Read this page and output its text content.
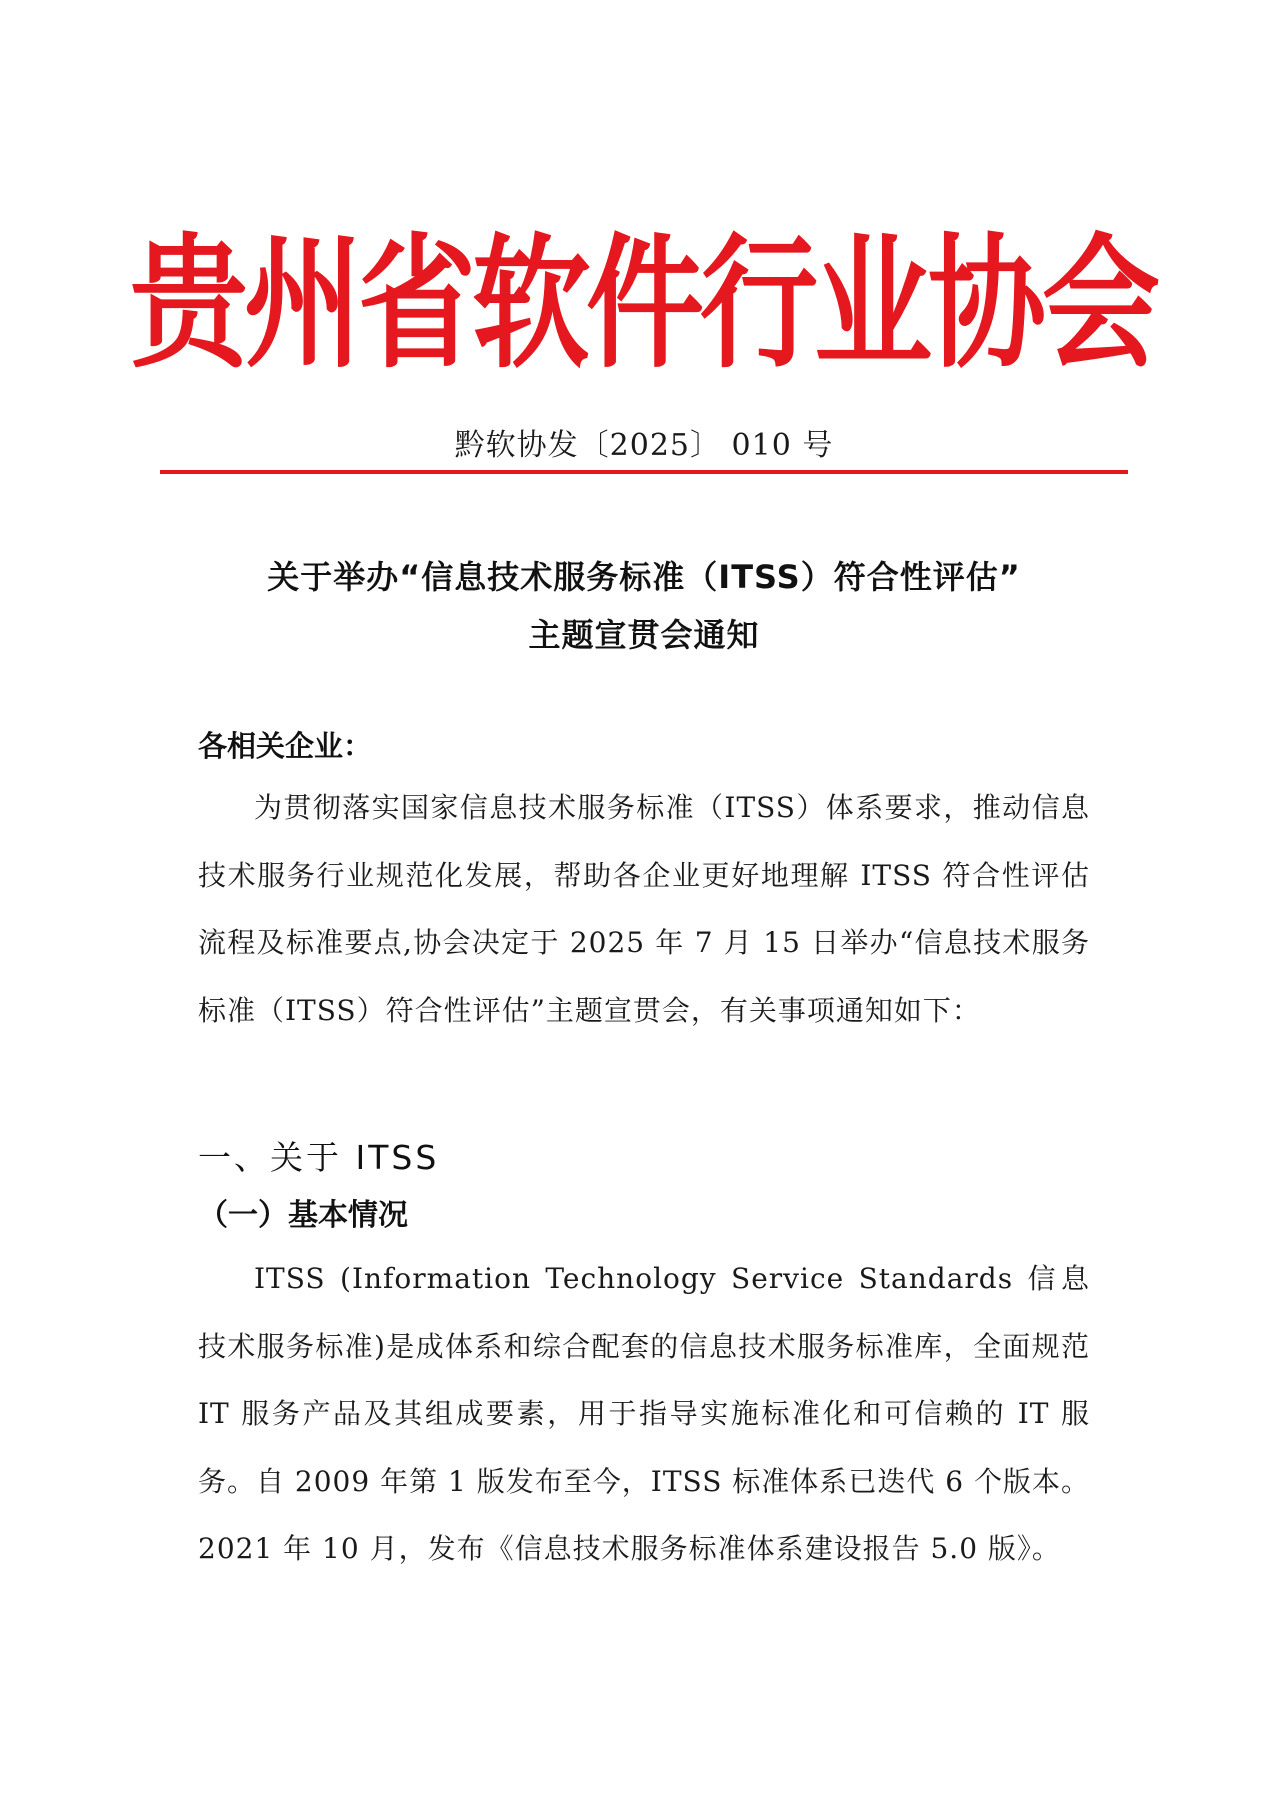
贵州省软件行业协会
黔软协发〔2025〕 010 号
关于举办“信息技术服务标准（ITSS）符合性评估”
主题宣贯会通知
各相关企业：
为贯彻落实国家信息技术服务标准（ITSS）体系要求，推动信息技术服务行业规范化发展，帮助各企业更好地理解 ITSS 符合性评估流程及标准要点,协会决定于 2025 年 7 月 15 日举办“信息技术服务标准（ITSS）符合性评估”主题宣贯会，有关事项通知如下：
一、关于 ITSS
（一）基本情况
ITSS (Information Technology Service Standards 信息技术服务标准)是成体系和综合配套的信息技术服务标准库，全面规范 IT 服务产品及其组成要素，用于指导实施标准化和可信赖的 IT 服务。自 2009 年第 1 版发布至今，ITSS 标准体系已迭代 6 个版本。2021 年 10 月，发布《信息技术服务标准体系建设报告 5.0 版》。
